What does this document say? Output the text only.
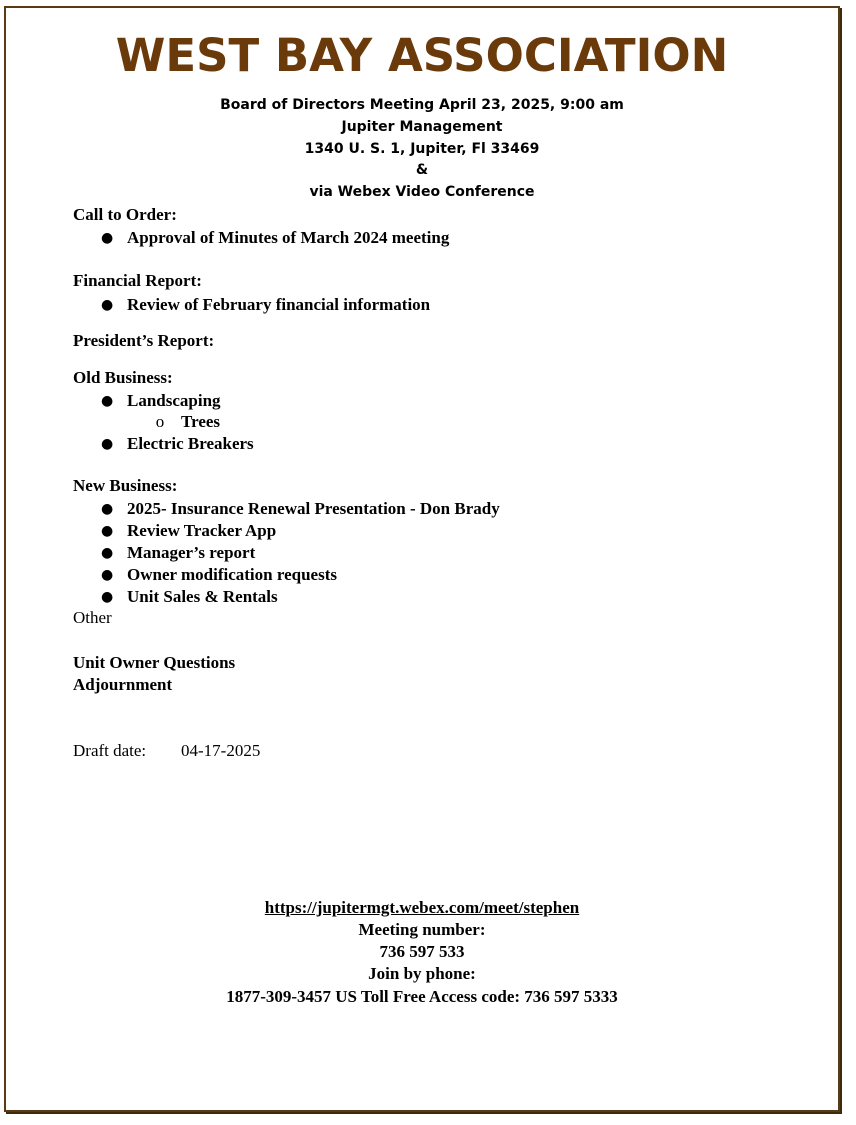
WEST BAY ASSOCIATION
Board of Directors Meeting April 23, 2025, 9:00 am
Jupiter Management
1340 U. S. 1, Jupiter, Fl 33469
&
via Webex Video Conference
Call to Order:
● Approval of Minutes of March 2024 meeting
Financial Report:
● Review of February financial information
President’s Report:
Old Business:
● Landscaping
o Trees
● Electric Breakers
New Business:
● 2025- Insurance Renewal Presentation - Don Brady
● Review Tracker App
● Manager’s report
● Owner modification requests
● Unit Sales & Rentals
Other
Unit Owner Questions
Adjournment
Draft date: 04-17-2025
https://jupitermgt.webex.com/meet/stephen
Meeting number:
736 597 533
Join by phone:
1877-309-3457 US Toll Free Access code: 736 597 5333
